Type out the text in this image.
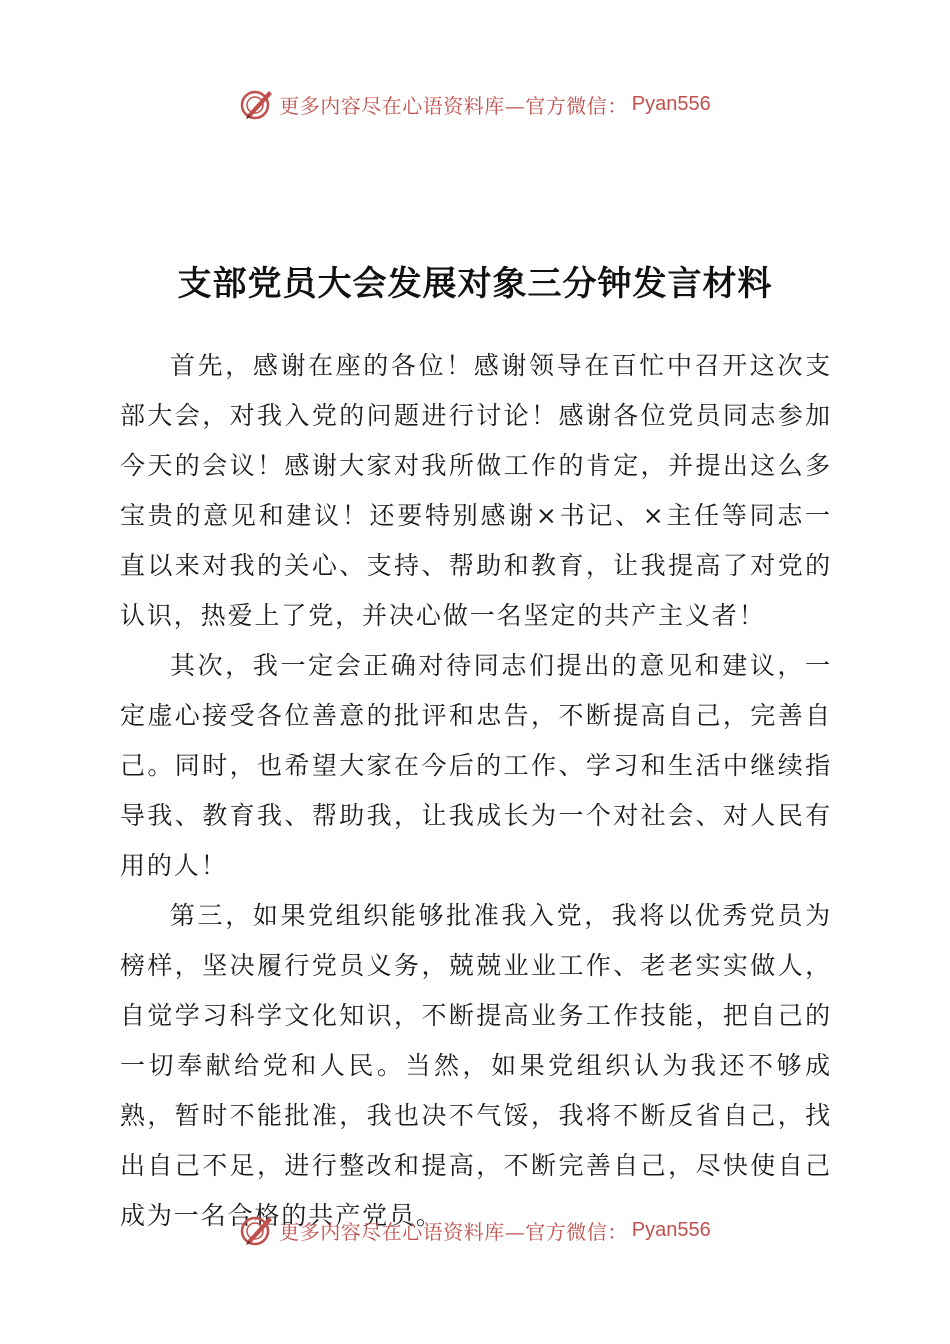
更多内容尽在心语资料库—官方微信： Pyan556
支部党员大会发展对象三分钟发言材料

首先，感谢在座的各位！感谢领导在百忙中召开这次支部大会，对我入党的问题进行讨论！感谢各位党员同志参加今天的会议！感谢大家对我所做工作的肯定，并提出这么多宝贵的意见和建议！还要特别感谢×书记、×主任等同志一直以来对我的关心、支持、帮助和教育，让我提高了对党的认识，热爱上了党，并决心做一名坚定的共产主义者！

其次，我一定会正确对待同志们提出的意见和建议，一定虚心接受各位善意的批评和忠告，不断提高自己，完善自己。同时，也希望大家在今后的工作、学习和生活中继续指导我、教育我、帮助我，让我成长为一个对社会、对人民有用的人！

第三，如果党组织能够批准我入党，我将以优秀党员为榜样，坚决履行党员义务，兢兢业业工作、老老实实做人，自觉学习科学文化知识，不断提高业务工作技能，把自己的一切奉献给党和人民。当然，如果党组织认为我还不够成熟，暂时不能批准，我也决不气馁，我将不断反省自己，找出自己不足，进行整改和提高，不断完善自己，尽快使自己成为一名合格的共产党员。

更多内容尽在心语资料库—官方微信： Pyan556
